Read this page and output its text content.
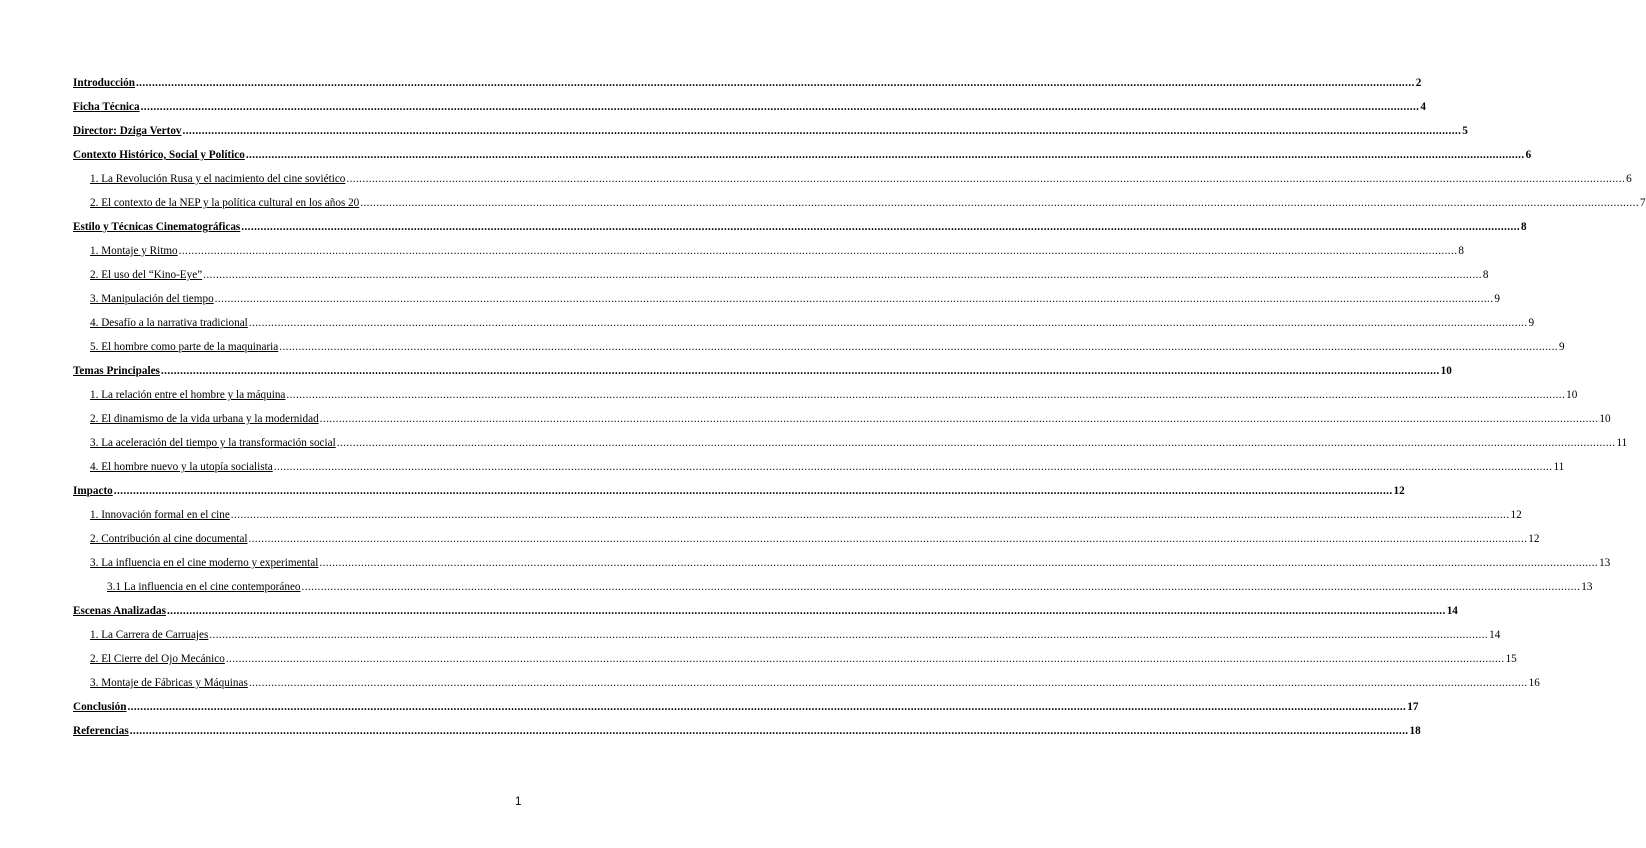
Introducción ................................................................................................................................................................................................................................................................................................................................................................................................................ 2
Ficha Técnica ................................................................................................................................................................................................................................................................................................................................................................................................................ 4
Director: Dziga Vertov ................................................................................................................................................................................................................................................................................................................................................................................................................ 5
Contexto Histórico, Social y Político ................................................................................................................................................................................................................................................................................................................................................................................................................ 6
1. La Revolución Rusa y el nacimiento del cine soviético ................................................................................................................................................................................................................................................................................................................................................................................................................ 6
2. El contexto de la NEP y la política cultural en los años 20 ................................................................................................................................................................................................................................................................................................................................................................................................................ 7
Estilo y Técnicas Cinematográficas ................................................................................................................................................................................................................................................................................................................................................................................................................ 8
1. Montaje y Ritmo ................................................................................................................................................................................................................................................................................................................................................................................................................ 8
2. El uso del “Kino-Eye” ................................................................................................................................................................................................................................................................................................................................................................................................................ 8
3. Manipulación del tiempo ................................................................................................................................................................................................................................................................................................................................................................................................................ 9
4. Desafío a la narrativa tradicional ................................................................................................................................................................................................................................................................................................................................................................................................................ 9
5. El hombre como parte de la maquinaria ................................................................................................................................................................................................................................................................................................................................................................................................................ 9
Temas Principales ................................................................................................................................................................................................................................................................................................................................................................................................................ 10
1. La relación entre el hombre y la máquina ................................................................................................................................................................................................................................................................................................................................................................................................................ 10
2. El dinamismo de la vida urbana y la modernidad ................................................................................................................................................................................................................................................................................................................................................................................................................ 10
3. La aceleración del tiempo y la transformación social ................................................................................................................................................................................................................................................................................................................................................................................................................ 11
4. El hombre nuevo y la utopía socialista ................................................................................................................................................................................................................................................................................................................................................................................................................ 11
Impacto ................................................................................................................................................................................................................................................................................................................................................................................................................ 12
1. Innovación formal en el cine ................................................................................................................................................................................................................................................................................................................................................................................................................ 12
2. Contribución al cine documental ................................................................................................................................................................................................................................................................................................................................................................................................................ 12
3. La influencia en el cine moderno y experimental ................................................................................................................................................................................................................................................................................................................................................................................................................ 13
3.1 La influencia en el cine contemporáneo ................................................................................................................................................................................................................................................................................................................................................................................................................ 13
Escenas Analizadas ................................................................................................................................................................................................................................................................................................................................................................................................................ 14
1. La Carrera de Carruajes ................................................................................................................................................................................................................................................................................................................................................................................................................ 14
2. El Cierre del Ojo Mecánico ................................................................................................................................................................................................................................................................................................................................................................................................................ 15
3. Montaje de Fábricas y Máquinas ................................................................................................................................................................................................................................................................................................................................................................................................................ 16
Conclusión ................................................................................................................................................................................................................................................................................................................................................................................................................ 17
Referencias ................................................................................................................................................................................................................................................................................................................................................................................................................ 18
1
